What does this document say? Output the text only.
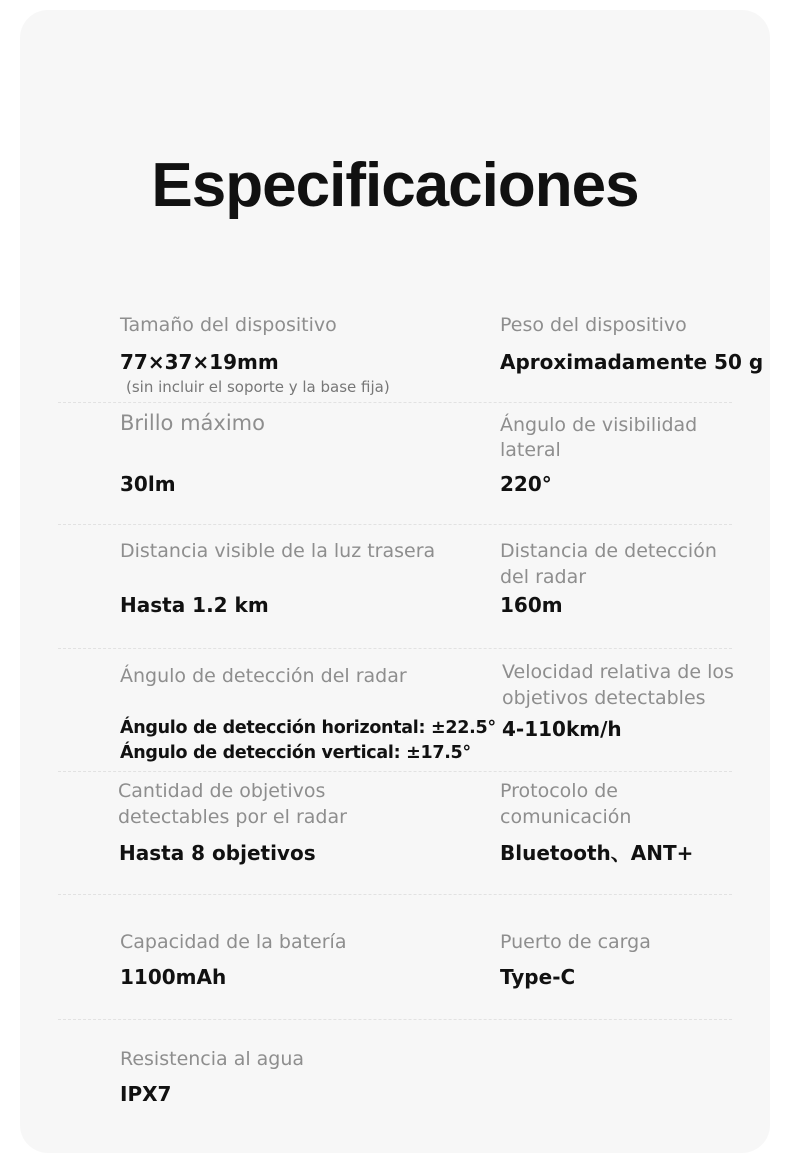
Especificaciones

Tamaño del dispositivo

77×37×19mm

(sin incluir el soporte y la base fija)

Peso del dispositivo

Aproximadamente 50 g

Brillo máximo

30lm

Ángulo de visibilidad

lateral

220°

Distancia visible de la luz trasera

Hasta 1.2 km

Distancia de detección

del radar

160m

Ángulo de detección del radar

Ángulo de detección horizontal: ±22.5°

Ángulo de detección vertical: ±17.5°

Velocidad relativa de los

objetivos detectables

4-110km/h

Cantidad de objetivos

detectables por el radar

Hasta 8 objetivos

Protocolo de

comunicación

Bluetooth、ANT+

Capacidad de la batería

1100mAh

Puerto de carga

Type-C

Resistencia al agua

IPX7
